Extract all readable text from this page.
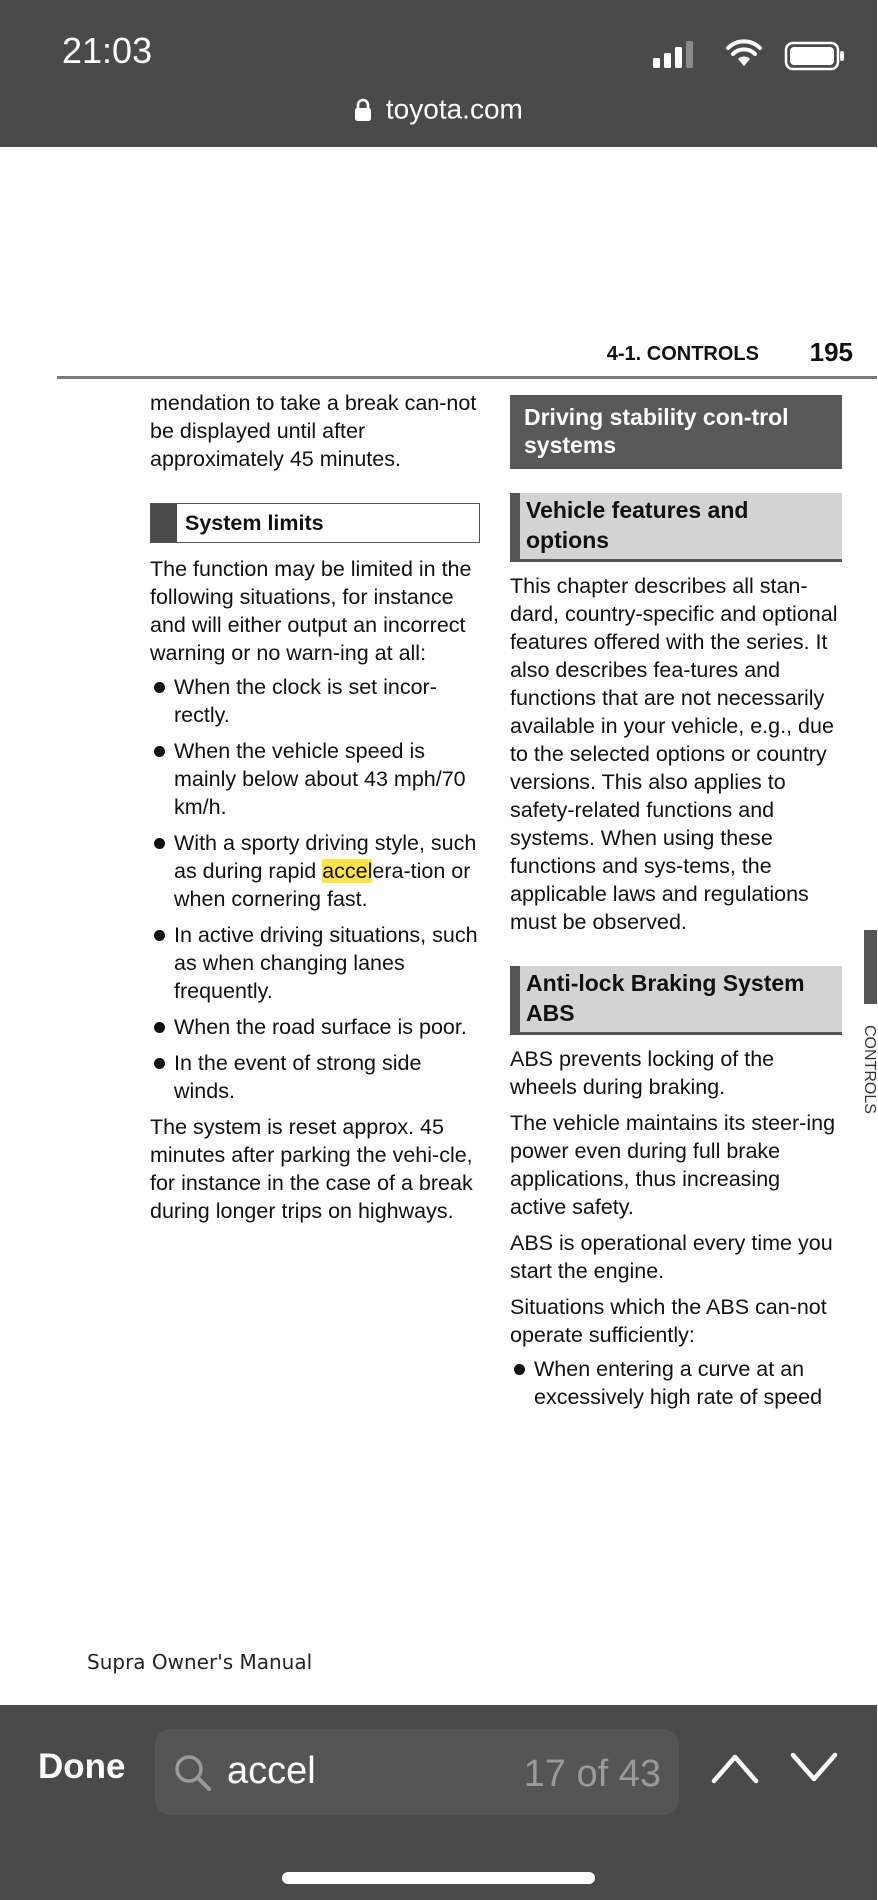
21:03
toyota.com
4-1. CONTROLS 195

mendation to take a break can-not be displayed until after approximately 45 minutes.

System limits

The function may be limited in the following situations, for instance and will either output an incorrect warning or no warn-ing at all:

When the clock is set incor-rectly.
When the vehicle speed is mainly below about 43 mph/70 km/h.
With a sporty driving style, such as during rapid accelera-tion or when cornering fast.
In active driving situations, such as when changing lanes frequently.
When the road surface is poor.
In the event of strong side winds.

The system is reset approx. 45 minutes after parking the vehi-cle, for instance in the case of a break during longer trips on highways.

Driving stability con-trol systems
Vehicle features and options

This chapter describes all stan-dard, country-specific and optional features offered with the series. It also describes fea-tures and functions that are not necessarily available in your vehicle, e.g., due to the selected options or country versions. This also applies to safety-related functions and systems. When using these functions and sys-tems, the applicable laws and regulations must be observed.

Anti-lock Braking System ABS

ABS prevents locking of the wheels during braking.

The vehicle maintains its steer-ing power even during full brake applications, thus increasing active safety.

ABS is operational every time you start the engine.

Situations which the ABS can-not operate sufficiently:

When entering a curve at an excessively high rate of speed
CONTROLS
Supra Owner's Manual
Done
accel	17 of 43
